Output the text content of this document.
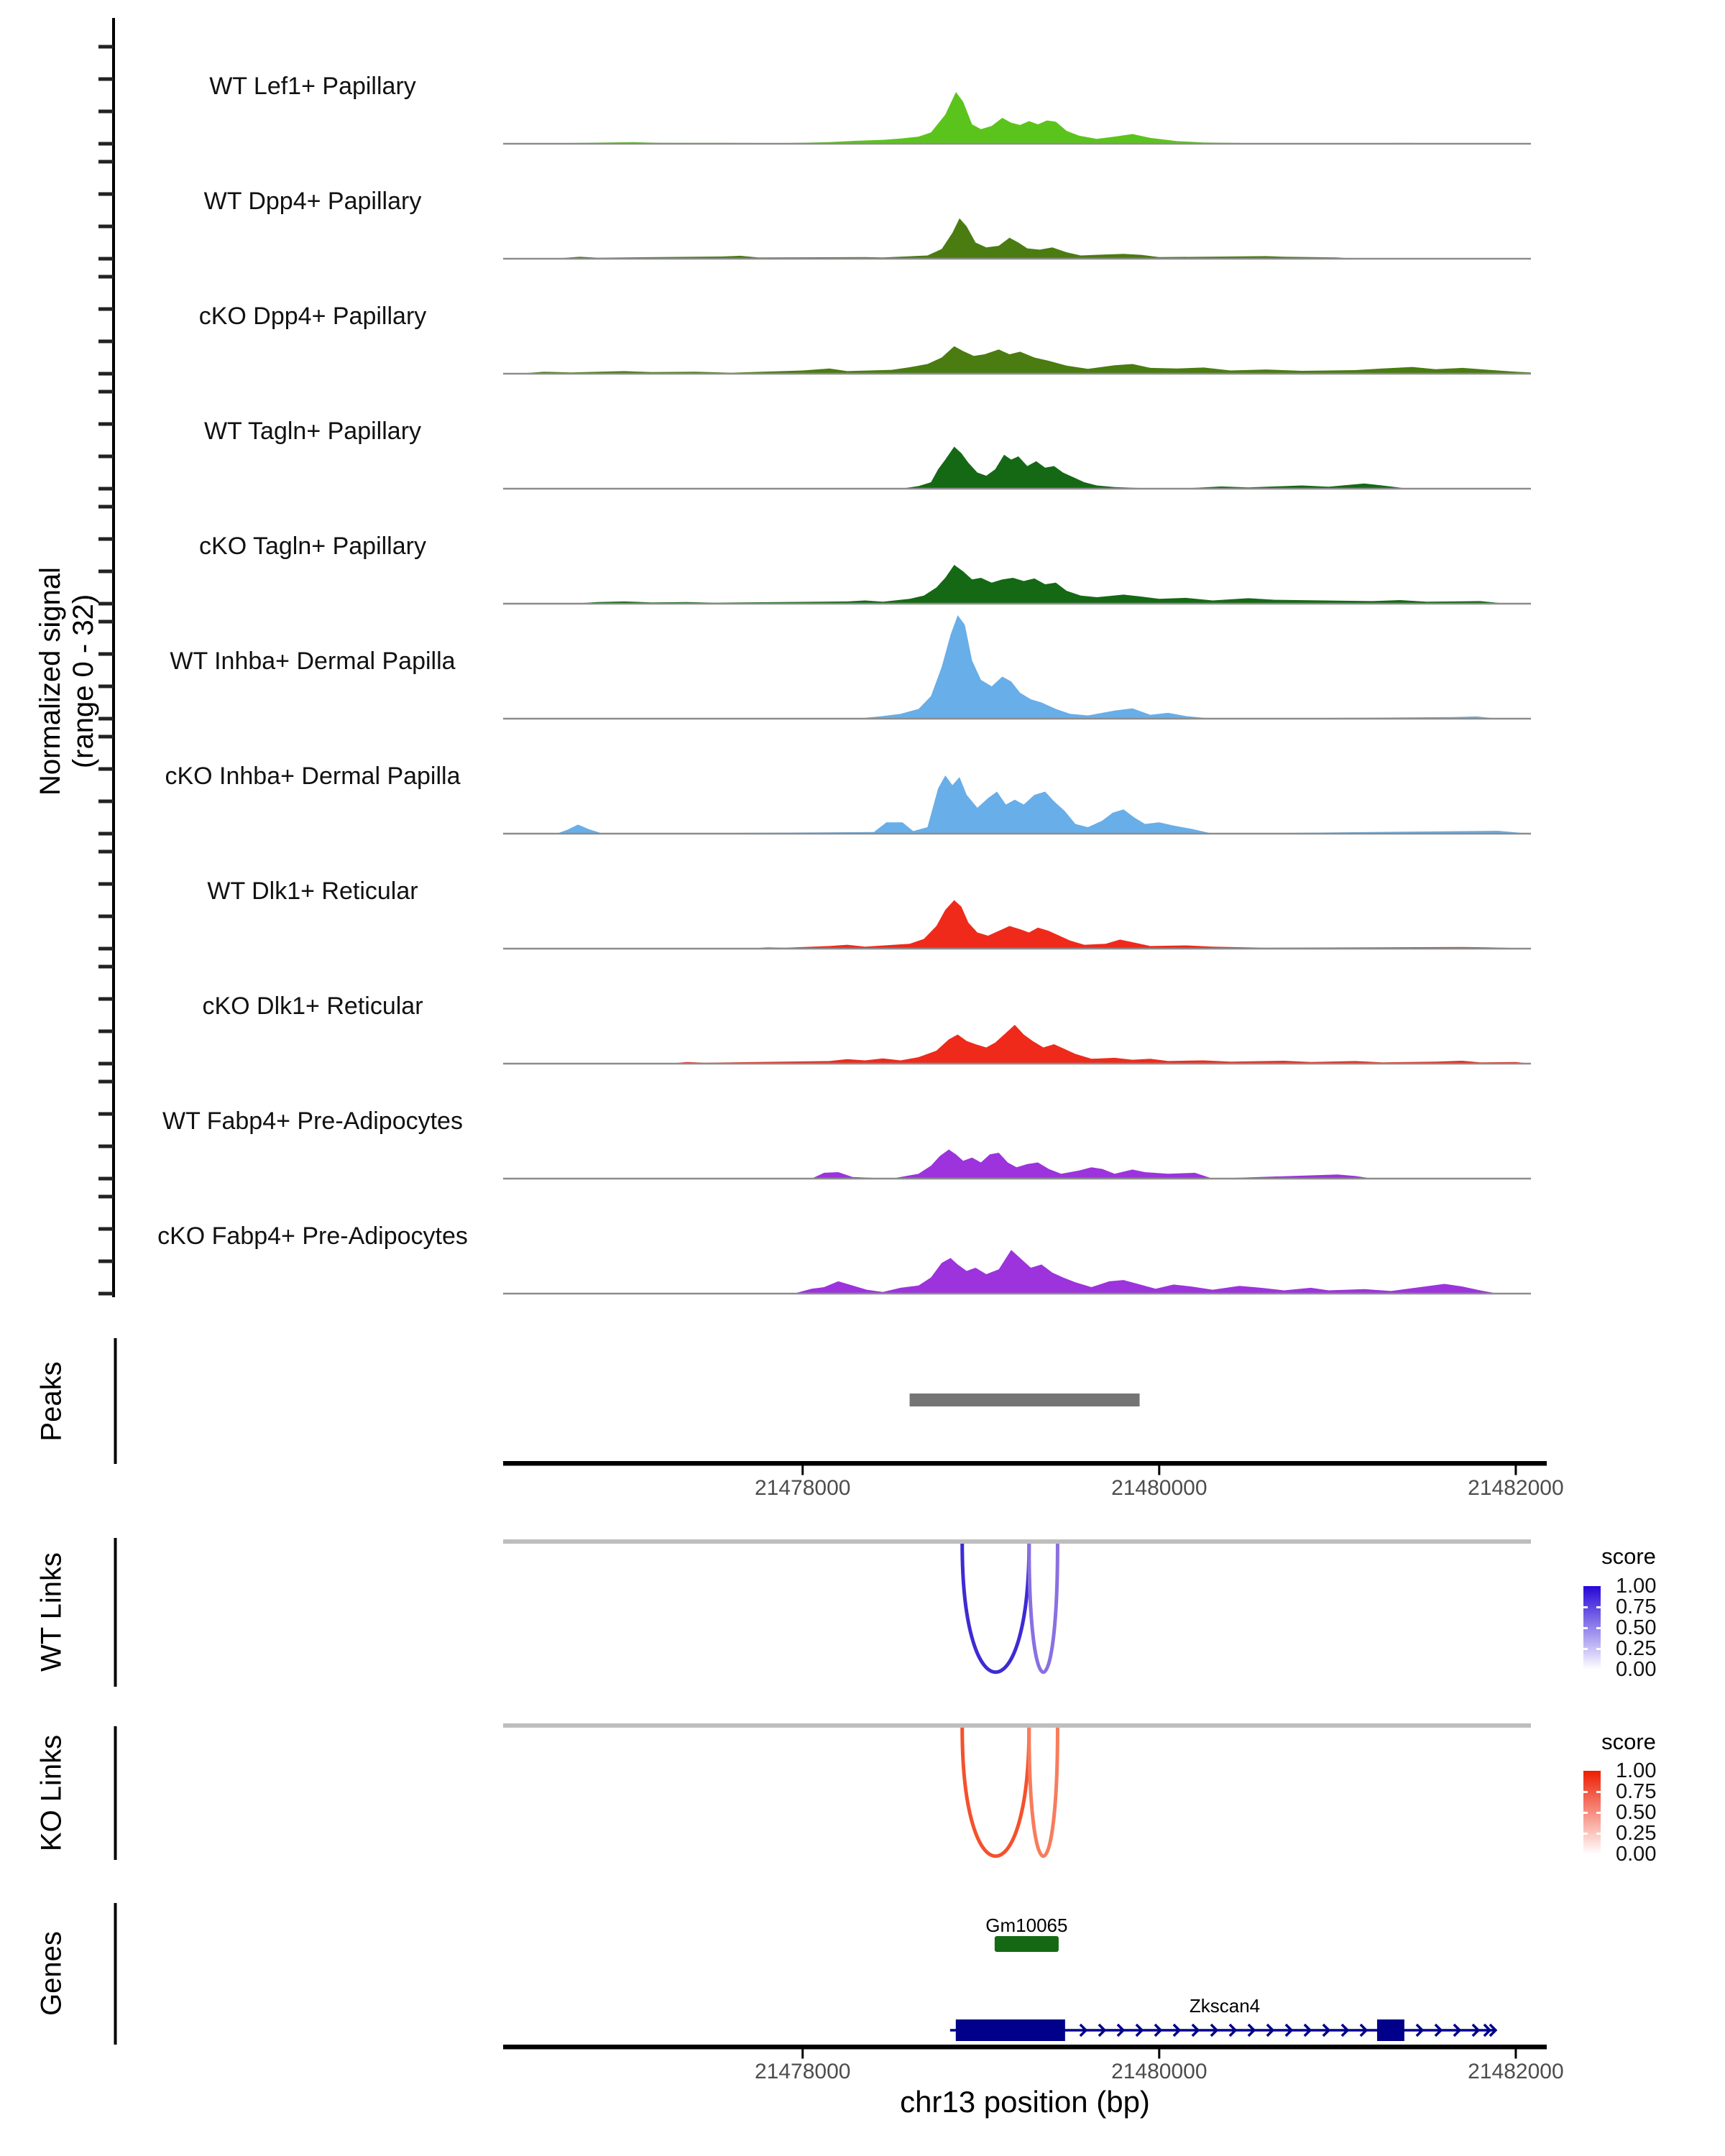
Normalized signal (range 0 - 32)
Peaks
WT Links
KO Links
Genes
WT Lef1+ Papillary
WT Dpp4+ Papillary
cKO Dpp4+ Papillary
WT Tagln+ Papillary
cKO Tagln+ Papillary
WT Inhba+ Dermal Papilla
cKO Inhba+ Dermal Papilla
WT Dlk1+ Reticular
cKO Dlk1+ Reticular
WT Fabp4+ Pre-Adipocytes
cKO Fabp4+ Pre-Adipocytes
21478000	21480000	21482000
21478000	21480000	21482000
Gm10065
Zkscan4
score
1.00
0.75
0.50
0.25
0.00
score
1.00
0.75
0.50
0.25
0.00
chr13 position (bp)
